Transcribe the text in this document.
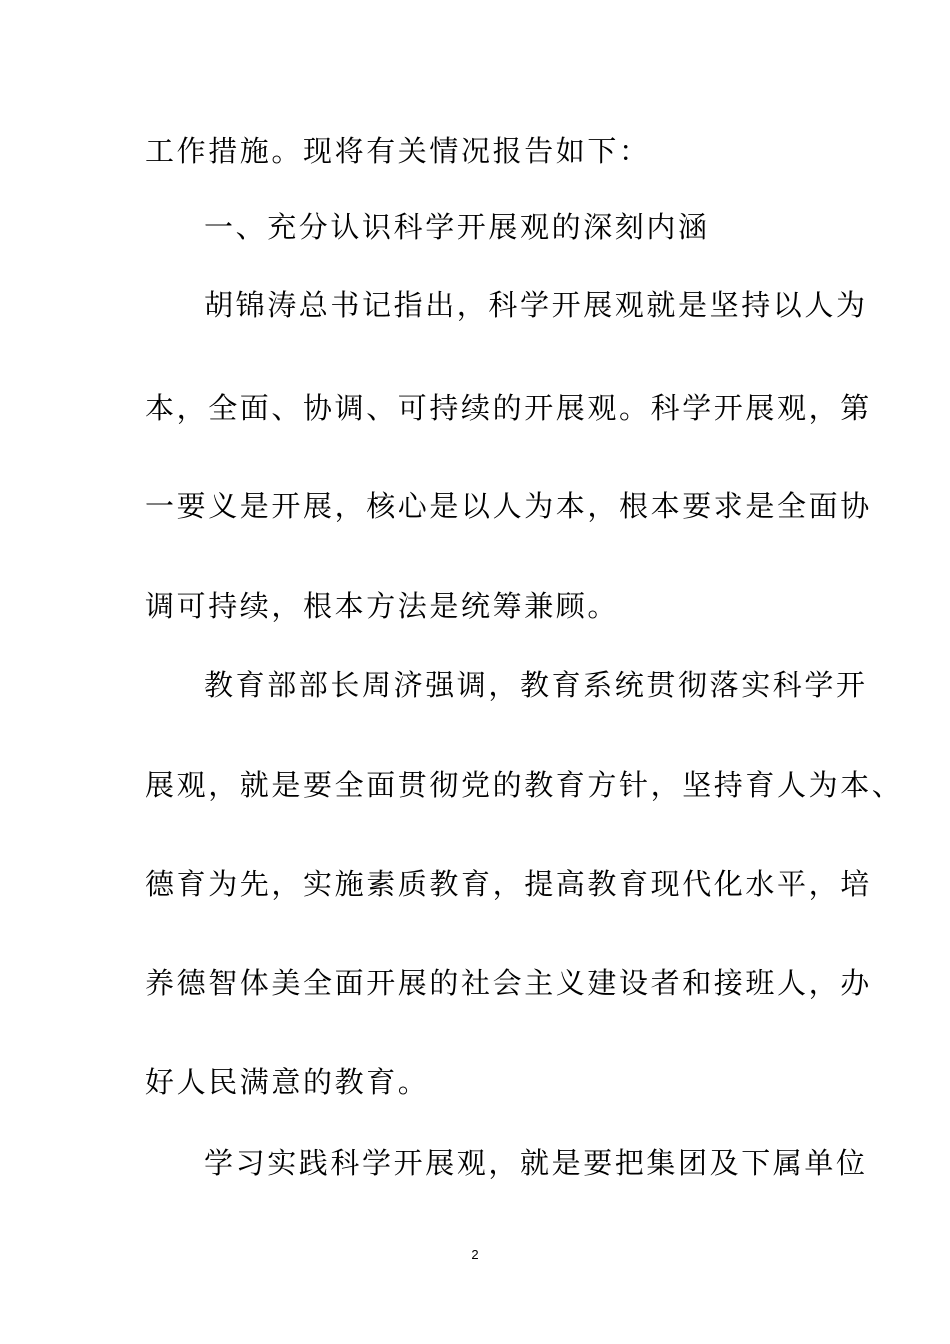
工作措施。现将有关情况报告如下：
一、充分认识科学开展观的深刻内涵
胡锦涛总书记指出，科学开展观就是坚持以人为
本，全面、协调、可持续的开展观。科学开展观，第
一要义是开展，核心是以人为本，根本要求是全面协
调可持续，根本方法是统筹兼顾。
教育部部长周济强调，教育系统贯彻落实科学开
展观，就是要全面贯彻党的教育方针，坚持育人为本、
德育为先，实施素质教育，提高教育现代化水平，培
养德智体美全面开展的社会主义建设者和接班人，办
好人民满意的教育。
学习实践科学开展观，就是要把集团及下属单位
2
